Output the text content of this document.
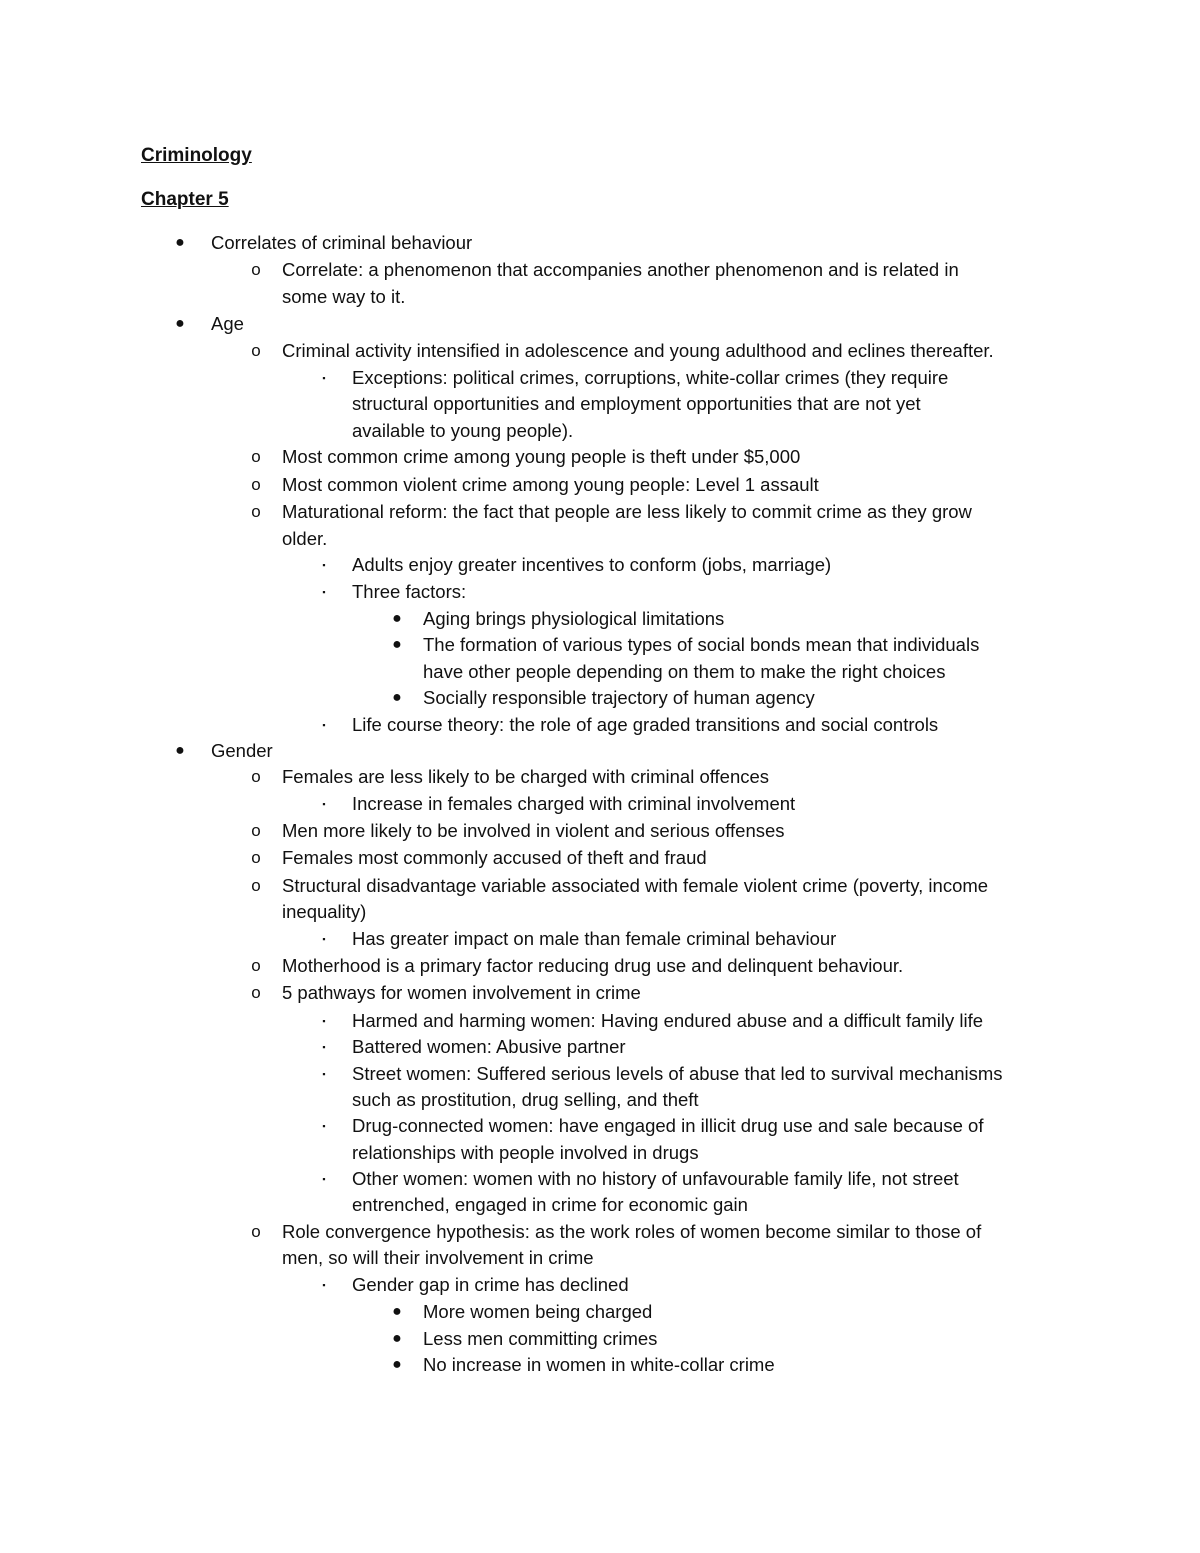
Criminology
Chapter 5
● Correlates of criminal behaviour
o Correlate: a phenomenon that accompanies another phenomenon and is related in
some way to it.
● Age
o Criminal activity intensified in adolescence and young adulthood and eclines thereafter.
▪ Exceptions: political crimes, corruptions, white-collar crimes (they require
structural opportunities and employment opportunities that are not yet
available to young people).
o Most common crime among young people is theft under $5,000
o Most common violent crime among young people: Level 1 assault
o Maturational reform: the fact that people are less likely to commit crime as they grow
older.
▪ Adults enjoy greater incentives to conform (jobs, marriage)
▪ Three factors:
● Aging brings physiological limitations
● The formation of various types of social bonds mean that individuals
have other people depending on them to make the right choices
● Socially responsible trajectory of human agency
▪ Life course theory: the role of age graded transitions and social controls
● Gender
o Females are less likely to be charged with criminal offences
▪ Increase in females charged with criminal involvement
o Men more likely to be involved in violent and serious offenses
o Females most commonly accused of theft and fraud
o Structural disadvantage variable associated with female violent crime (poverty, income
inequality)
▪ Has greater impact on male than female criminal behaviour
o Motherhood is a primary factor reducing drug use and delinquent behaviour.
o 5 pathways for women involvement in crime
▪ Harmed and harming women: Having endured abuse and a difficult family life
▪ Battered women: Abusive partner
▪ Street women: Suffered serious levels of abuse that led to survival mechanisms
such as prostitution, drug selling, and theft
▪ Drug-connected women: have engaged in illicit drug use and sale because of
relationships with people involved in drugs
▪ Other women: women with no history of unfavourable family life, not street
entrenched, engaged in crime for economic gain
o Role convergence hypothesis: as the work roles of women become similar to those of
men, so will their involvement in crime
▪ Gender gap in crime has declined
● More women being charged
● Less men committing crimes
● No increase in women in white-collar crime
